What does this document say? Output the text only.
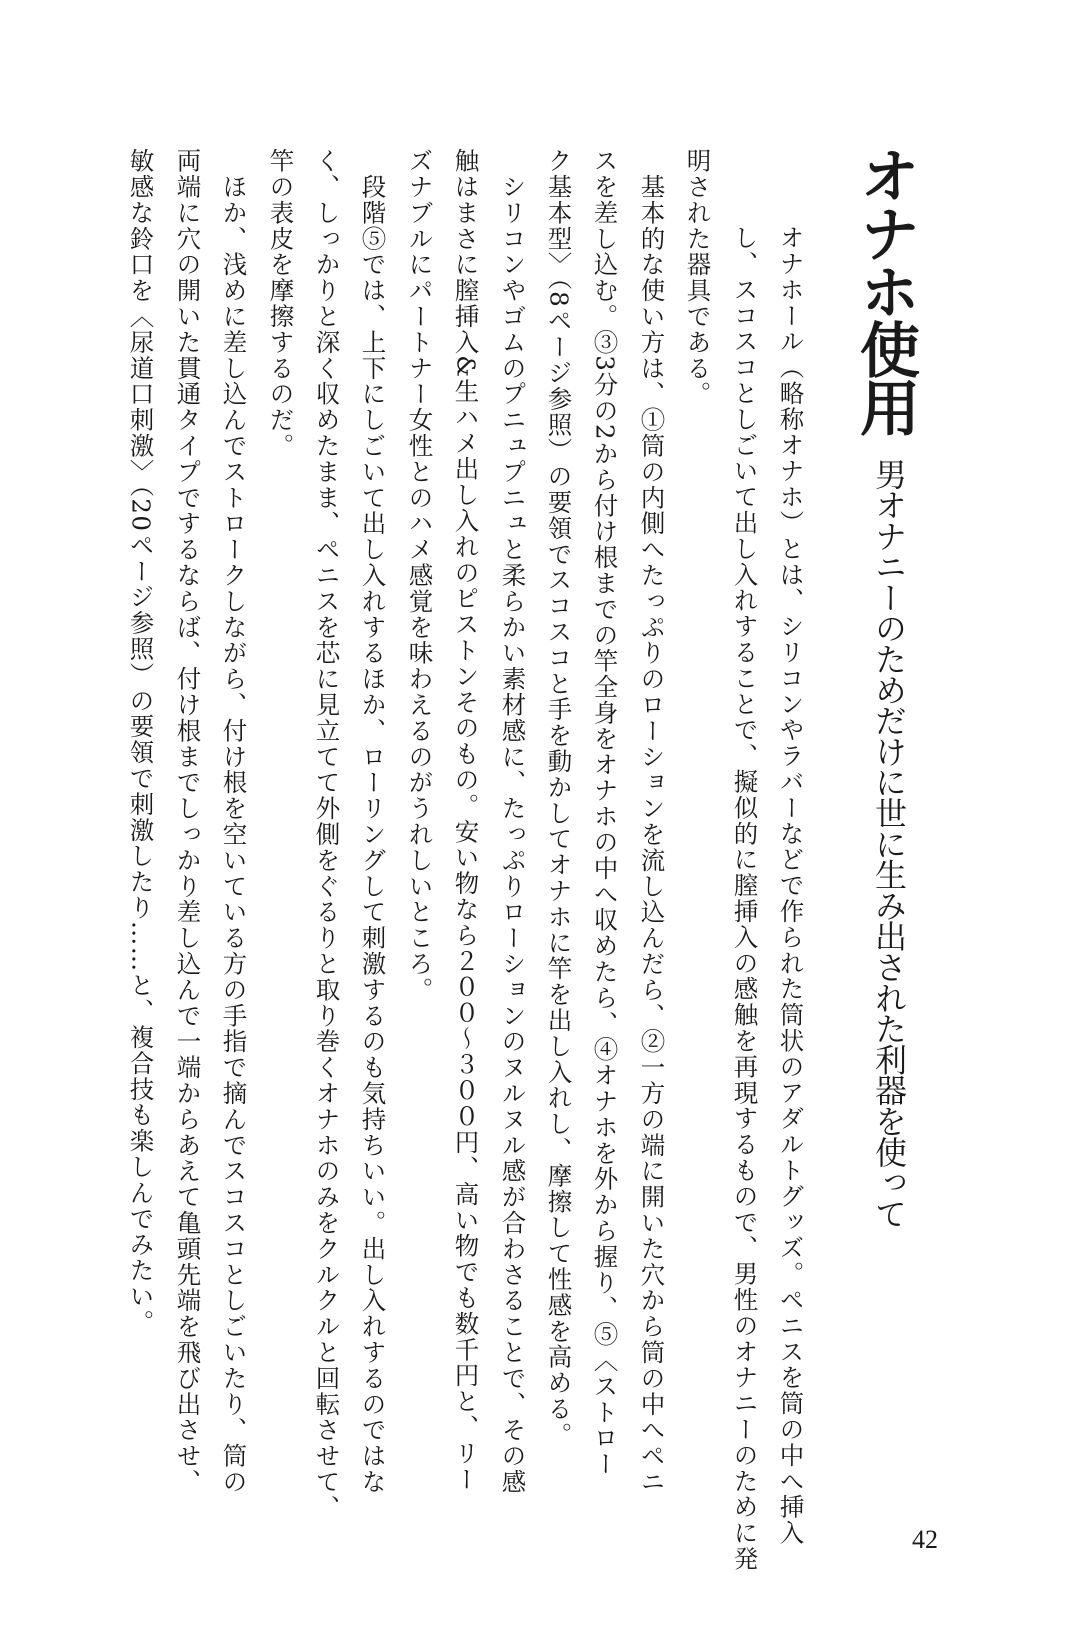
オナホ使用
男オナニーのためだけに世に生み出された利器を使って
オナホール（略称オナホ）とは、シリコンやラバーなどで作られた筒状のアダルトグッズ。ペニスを筒の中へ挿入
し、スコスコとしごいて出し入れすることで、擬似的に膣挿入の感触を再現するもので、男性のオナニーのために発
明された器具である。
　基本的な使い方は、①筒の内側へたっぷりのローションを流し込んだら、②一方の端に開いた穴から筒の中へペニ
スを差し込む。③3分の2から付け根までの竿全身をオナホの中へ収めたら、④オナホを外から握り、⑤〈ストロー
ク基本型〉（8ページ参照）の要領でスコスコと手を動かしてオナホに竿を出し入れし、摩擦して性感を高める。
　シリコンやゴムのプニュプニュと柔らかい素材感に、たっぷりローションのヌルヌル感が合わさることで、その感
触はまさに膣挿入&生ハメ出し入れのピストンそのもの。安い物なら２００〜３００円、高い物でも数千円と、リー
ズナブルにパートナー女性とのハメ感覚を味わえるのがうれしいところ。
　段階⑤では、上下にしごいて出し入れするほか、ローリングして刺激するのも気持ちいい。出し入れするのではな
く、しっかりと深く収めたまま、ペニスを芯に見立てて外側をぐるりと取り巻くオナホのみをクルクルと回転させて、
竿の表皮を摩擦するのだ。
　ほか、浅めに差し込んでストロークしながら、付け根を空いている方の手指で摘んでスコスコとしごいたり、筒の
両端に穴の開いた貫通タイプでするならば、付け根までしっかり差し込んで一端からあえて亀頭先端を飛び出させ、
敏感な鈴口を〈尿道口刺激〉（20ページ参照）の要領で刺激したり……と、複合技も楽しんでみたい。
42
